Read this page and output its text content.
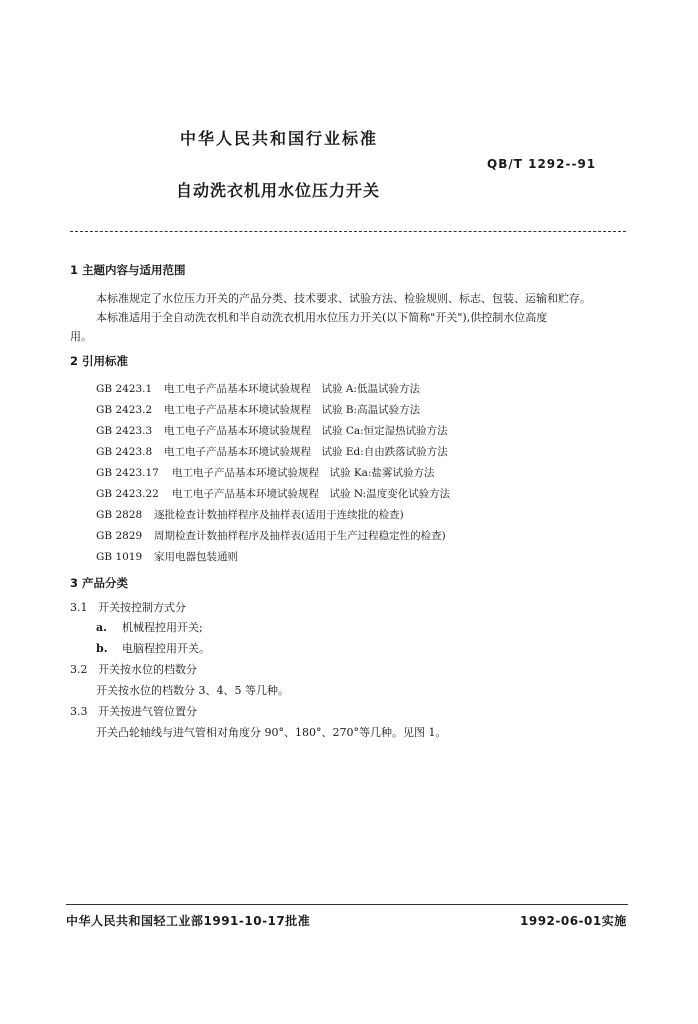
中华人民共和国行业标准
QB/T 1292--91
自动洗衣机用水位压力开关
1 主题内容与适用范围
本标准规定了水位压力开关的产品分类、技术要求、试验方法、检验规则、标志、包装、运输和贮存。
本标准适用于全自动洗衣机和半自动洗衣机用水位压力开关(以下简称"开关"),供控制水位高度
用。
2 引用标准
GB 2423.1 电工电子产品基本环境试验规程　试验 A:低温试验方法
GB 2423.2 电工电子产品基本环境试验规程　试验 B:高温试验方法
GB 2423.3 电工电子产品基本环境试验规程　试验 Ca:恒定湿热试验方法
GB 2423.8 电工电子产品基本环境试验规程　试验 Ed:自由跌落试验方法
GB 2423.17 电工电子产品基本环境试验规程　试验 Ka:盐雾试验方法
GB 2423.22 电工电子产品基本环境试验规程　试验 N:温度变化试验方法
GB 2828 逐批检查计数抽样程序及抽样表(适用于连续批的检查)
GB 2829 周期检查计数抽样程序及抽样表(适用于生产过程稳定性的检查)
GB 1019 家用电器包装通则
3 产品分类
3.1 开关按控制方式分
a. 机械程控用开关;
b. 电脑程控用开关。
3.2 开关按水位的档数分
开关按水位的档数分 3、4、5 等几种。
3.3 开关按进气管位置分
开关凸轮轴线与进气管相对角度分 90°、180°、270°等几种。见图 1。
中华人民共和国轻工业部1991-10-17批准	1992-06-01实施
